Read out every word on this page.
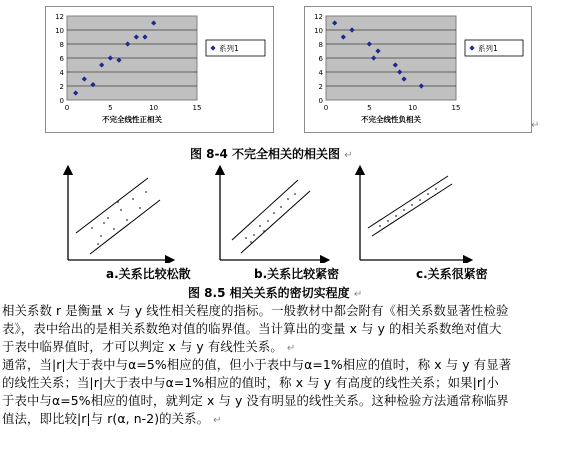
0
2
4
6
8
10
12
0	5	10	15
不完全线性正相关
系列1
0
2
4
6
8
10
12
0	5	10	15
不完全线性负相关
系列1
↵
图 8-4 不完全相关的相关图 ↵
a.关系比较松散	b.关系比较紧密	c.关系很紧密
图 8.5 相关关系的密切实程度 ↵
相关系数 r 是衡量 x 与 y 线性相关程度的指标。一般教材中都会附有《相关系数显著性检验
表》，表中给出的是相关系数绝对值的临界值。当计算出的变量 x 与 y 的相关系数绝对值大
于表中临界值时，才可以判定 x 与 y 有线性关系。 ↵
通常，当|r|大于表中与α=5%相应的值，但小于表中与α=1%相应的值时，称 x 与 y 有显著
的线性关系；当|r|大于表中与α=1%相应的值时，称 x 与 y 有高度的线性关系；如果|r|小
于表中与α=5%相应的值时，就判定 x 与 y 没有明显的线性关系。这种检验方法通常称临界
值法，即比较|r|与 r(α, n-2)的关系。 ↵
